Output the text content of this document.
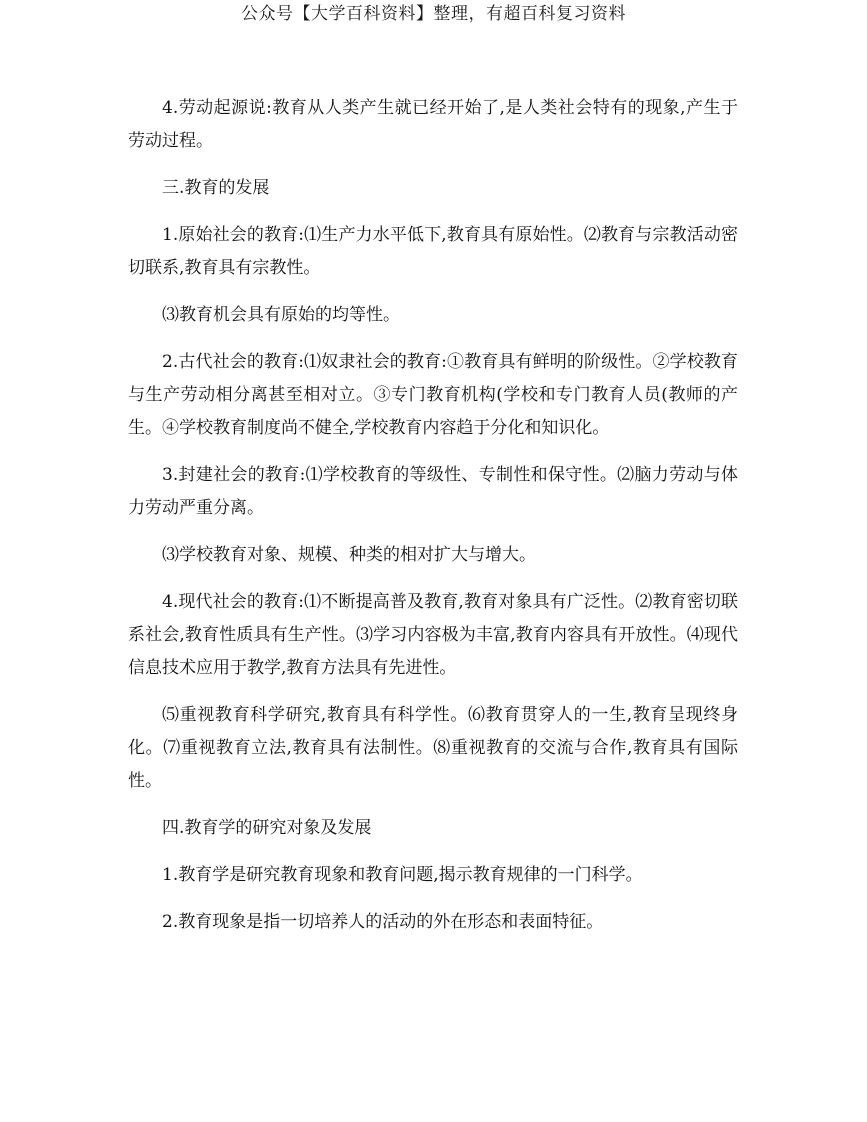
公众号【大学百科资料】整理，有超百科复习资料

4.劳动起源说:教育从人类产生就已经开始了,是人类社会特有的现象,产生于劳动过程。

三.教育的发展

1.原始社会的教育:⑴生产力水平低下,教育具有原始性。⑵教育与宗教活动密切联系,教育具有宗教性。

⑶教育机会具有原始的均等性。

2.古代社会的教育:⑴奴隶社会的教育:①教育具有鲜明的阶级性。②学校教育与生产劳动相分离甚至相对立。③专门教育机构(学校和专门教育人员(教师的产生。④学校教育制度尚不健全,学校教育内容趋于分化和知识化。

3.封建社会的教育:⑴学校教育的等级性、专制性和保守性。⑵脑力劳动与体力劳动严重分离。

⑶学校教育对象、规模、种类的相对扩大与增大。

4.现代社会的教育:⑴不断提高普及教育,教育对象具有广泛性。⑵教育密切联系社会,教育性质具有生产性。⑶学习内容极为丰富,教育内容具有开放性。⑷现代信息技术应用于教学,教育方法具有先进性。

⑸重视教育科学研究,教育具有科学性。⑹教育贯穿人的一生,教育呈现终身化。⑺重视教育立法,教育具有法制性。⑻重视教育的交流与合作,教育具有国际性。

四.教育学的研究对象及发展

1.教育学是研究教育现象和教育问题,揭示教育规律的一门科学。

2.教育现象是指一切培养人的活动的外在形态和表面特征。
